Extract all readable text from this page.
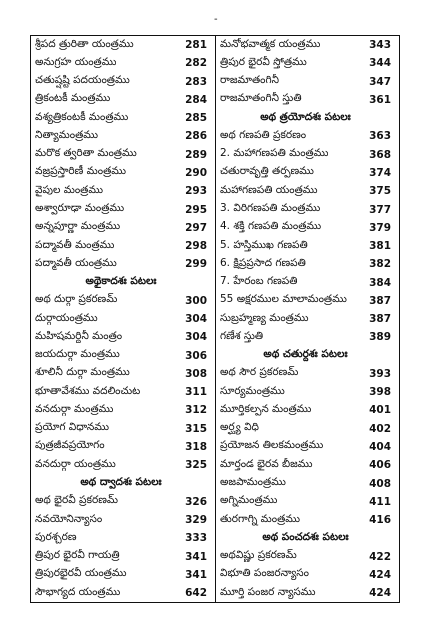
-
శ్రీపద త్రురితా యంత్రము	281
అనుగ్రహ యంత్రము	282
చతుష్షష్టి పదయంత్రము	283
త్రికంటకీ మంత్రము	284
వశ్యత్రికంటకీ మంత్రము	285
నిత్యామంత్రము	286
మరొక త్వరితా మంత్రము	289
వజ్రప్రస్తారిణీ మంత్రము	290
వైపుల మంత్రము	293
అశ్వారూఢా మంత్రము	295
అన్నపూర్ణా మంత్రము	297
పద్మావతీ మంత్రము	298
పద్మావతీ యంత్రము	299
అథైకాదశః పటలః
అథ దుర్గా ప్రకరణమ్	300
దుర్గాయంత్రము	304
మహిషమర్దినీ మంత్రం	304
జయదుర్గా మంత్రము	306
శూలినీ దుర్గా మంత్రము	308
భూతావేశము వదలించుట	311
వనదుర్గా మంత్రము	312
ప్రయోగ విధానము	315
పుత్రజీవప్రయోగం	318
వనదుర్గా యంత్రము	325
అథ ద్వాదశః పటలః
అథ భైరవీ ప్రకరణమ్	326
నవయోనిన్యాసం	329
పురశ్చరణ	333
త్రిపుర భైరవీ గాయత్రి	341
త్రిపురభైరవీ యంత్రము	341
సౌభాగ్యద యంత్రము	642
మనోభవాత్మక యంత్రము	343
త్రిపుర భైరవీ స్తోత్రము	344
రాజమాతంగినీ	347
రాజమాతంగినీ స్తుతి	361
అథ త్రయోదశః పటలః
అథ గణపతి ప్రకరణం	363
2. మహాగణపతి మంత్రము	368
చతురావృత్తి తర్పణము	374
మహాగణపతి యంత్రము	375
3. విరిగణపతి మంత్రము	377
4. శక్తి గణపతి మంత్రము	379
5. హస్తిముఖ గణపతి	381
6. క్షిప్రప్రసాద గణపతి	382
7. హేరంబ గణపతి	384
55 అక్షరముల మాలామంత్రము	387
సుబ్రహ్మణ్య మంత్రము	387
గణేశ స్తుతి	389
అథ చతుర్దశః పటలః
అథ సౌర ప్రకరణమ్	393
సూర్యమంత్రము	398
మూర్తికల్పన మంత్రము	401
అర్ఘ్య విధి	402
ప్రయోజన తిలకమంత్రము	404
మార్తండ భైరవ బీజము	406
అజపామంత్రము	408
అగ్నిమంత్రము	411
తురగాగ్ని మంత్రము	416
అథ పంచదశః పటలః
అథవిష్ణు ప్రకరణమ్	422
విభూతి పంజరన్యాసం	424
మూర్తి పంజర న్యాసము	424
